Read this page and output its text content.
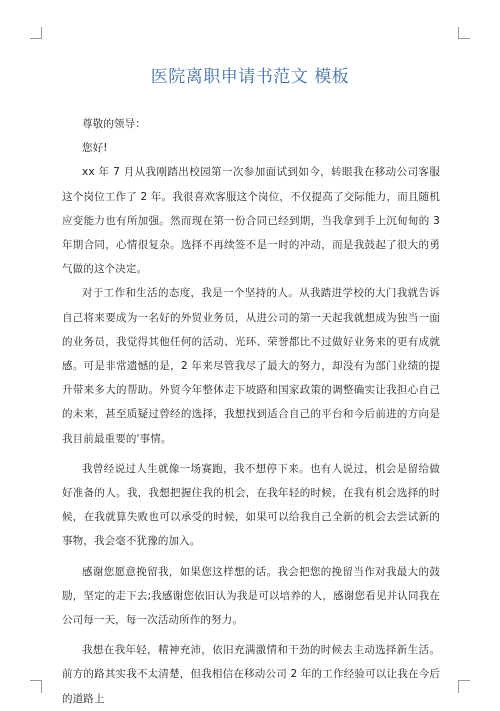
医院离职申请书范文 模板

尊敬的领导：

您好!

xx 年 7 月从我刚踏出校园第一次参加面试到如今，转眼我在移动公司客服这个岗位工作了 2 年。我很喜欢客服这个岗位，不仅提高了交际能力，而且随机应变能力也有所加强。然而现在第一份合同已经到期，当我拿到手上沉甸甸的 3 年期合同，心情很复杂。选择不再续签不是一时的冲动，而是我鼓起了很大的勇气做的这个决定。

对于工作和生活的态度，我是一个坚持的人。从我踏进学校的大门我就告诉自己将来要成为一名好的外贸业务员，从进公司的第一天起我就想成为独当一面的业务员，我觉得其他任何的活动、光环、荣誉都比不过做好业务来的更有成就感。可是非常遗憾的是，2 年来尽管我尽了最大的努力，却没有为部门业绩的提升带来多大的帮助。外贸今年整体走下坡路和国家政策的调整确实让我担心自己的未来，甚至质疑过曾经的选择，我想找到适合自己的平台和今后前进的方向是我目前最重要的'事情。

我曾经说过人生就像一场赛跑，我不想停下来。也有人说过，机会是留给做好准备的人。我，我想把握住我的机会，在我年轻的时候，在我有机会选择的时候，在我就算失败也可以承受的时候，如果可以给我自己全新的机会去尝试新的事物，我会毫不犹豫的加入。

感谢您愿意挽留我，如果您这样想的话。我会把您的挽留当作对我最大的鼓励，坚定的走下去;我感谢您依旧认为我是可以培养的人，感谢您看见并认同我在公司每一天，每一次活动所作的努力。

我想在我年轻，精神充沛，依旧充满激情和干劲的时候去主动选择新生活。前方的路其实我不太清楚，但我相信在移动公司 2 年的工作经验可以让我在今后的道路上
